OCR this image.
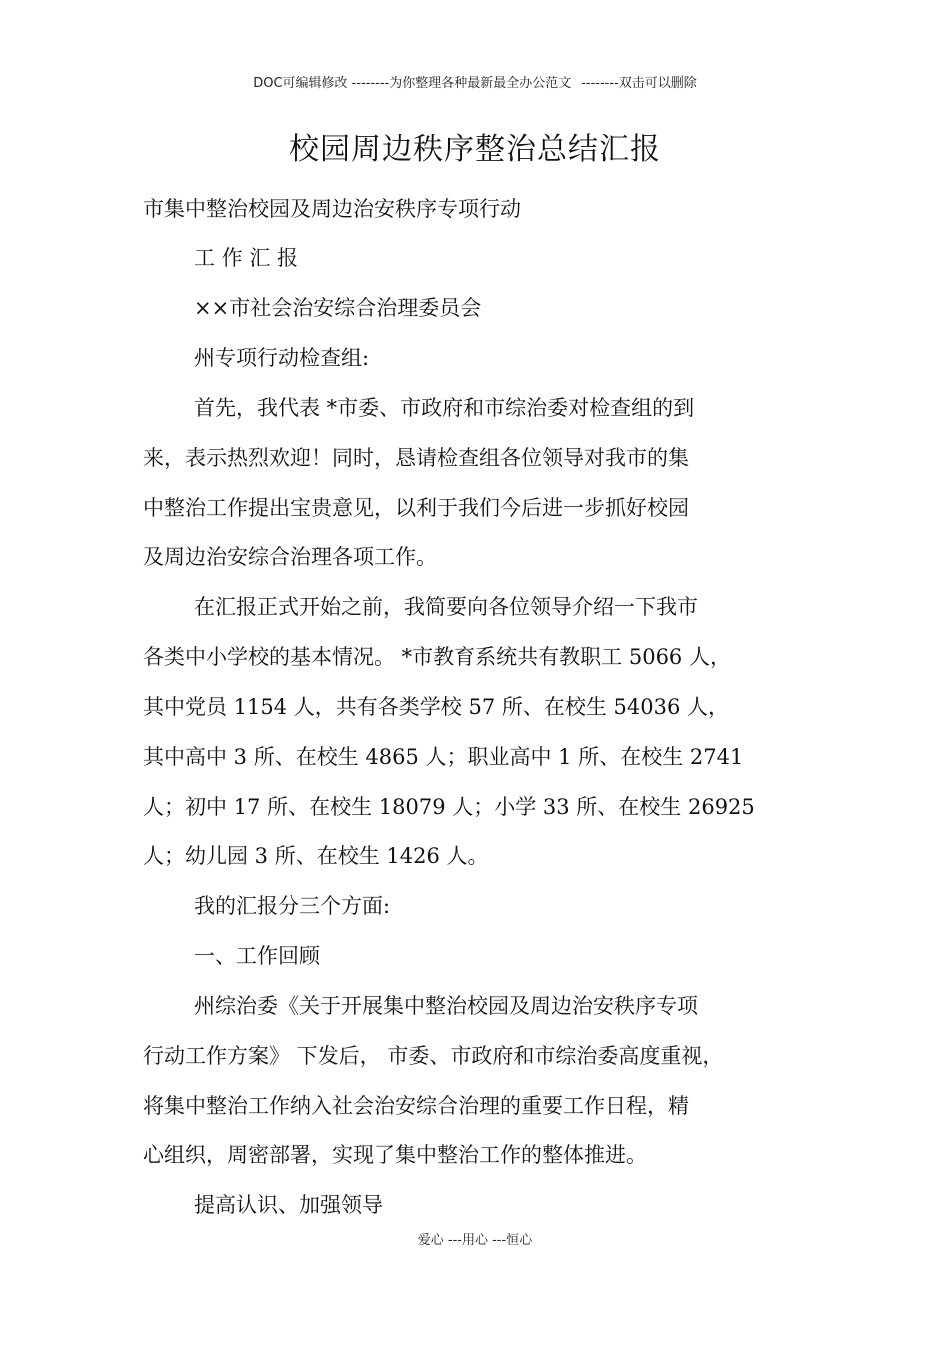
DOC可编辑修改 --------为你整理各种最新最全办公范文 --------双击可以删除
校园周边秩序整治总结汇报
市集中整治校园及周边治安秩序专项行动
工 作 汇 报
××市社会治安综合治理委员会
州专项行动检查组:
首先，我代表 *市委、市政府和市综治委对检查组的到
来，表示热烈欢迎！同时，恳请检查组各位领导对我市的集
中整治工作提出宝贵意见，以利于我们今后进一步抓好校园
及周边治安综合治理各项工作。
在汇报正式开始之前，我简要向各位领导介绍一下我市
各类中小学校的基本情况。 *市教育系统共有教职工 5066 人，
其中党员 1154 人，共有各类学校 57 所、在校生 54036 人，
其中高中 3 所、在校生 4865 人；职业高中 1 所、在校生 2741
人；初中 17 所、在校生 18079 人；小学 33 所、在校生 26925
人；幼儿园 3 所、在校生 1426 人。
我的汇报分三个方面:
一、工作回顾
州综治委《关于开展集中整治校园及周边治安秩序专项
行动工作方案》 下发后， 市委、市政府和市综治委高度重视，
将集中整治工作纳入社会治安综合治理的重要工作日程，精
心组织，周密部署，实现了集中整治工作的整体推进。
提高认识、加强领导
爱心 ---用心 ---恒心
